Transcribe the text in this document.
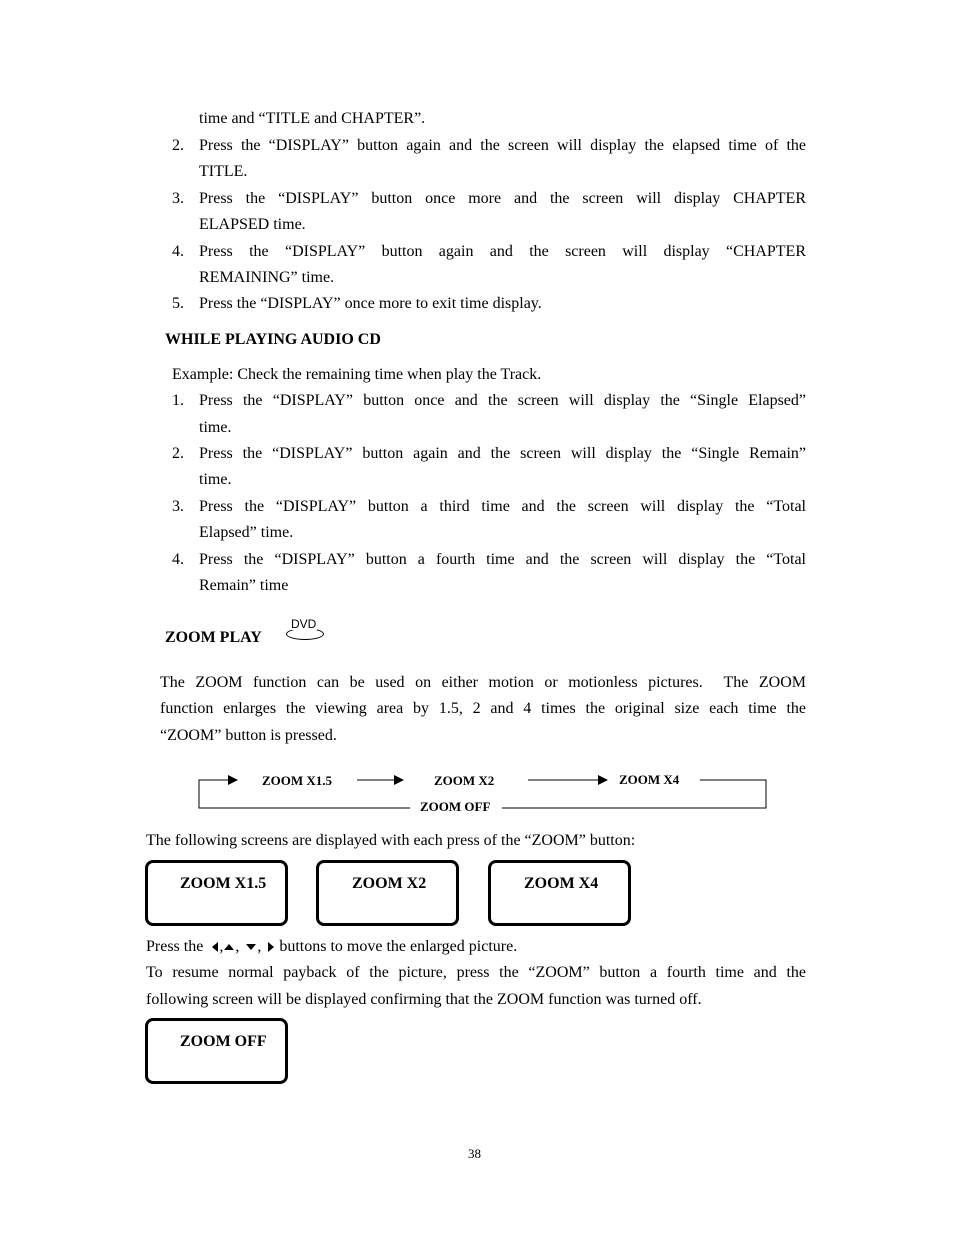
time and “TITLE and CHAPTER”.
2. Press the “DISPLAY” button again and the screen will display the elapsed time of the
TITLE.
3. Press the “DISPLAY” button once more and the screen will display CHAPTER
ELAPSED time.
4. Press the “DISPLAY” button again and the screen will display “CHAPTER
REMAINING” time.
5. Press the “DISPLAY” once more to exit time display.
WHILE PLAYING AUDIO CD
Example: Check the remaining time when play the Track.
1. Press the “DISPLAY” button once and the screen will display the “Single Elapsed”
time.
2. Press the “DISPLAY” button again and the screen will display the “Single Remain”
time.
3. Press the “DISPLAY” button a third time and the screen will display the “Total
Elapsed” time.
4. Press the “DISPLAY” button a fourth time and the screen will display the “Total
Remain” time
ZOOM PLAY
DVD
The ZOOM function can be used on either motion or motionless pictures.  The ZOOM
function enlarges the viewing area by 1.5, 2 and 4 times the original size each time the
“ZOOM” button is pressed.
ZOOM X1.5	ZOOM X2	ZOOM X4
ZOOM OFF
The following screens are displayed with each press of the “ZOOM” button:
ZOOM X1.5	ZOOM X2	ZOOM X4
Press the , , , buttons to move the enlarged picture.
To resume normal payback of the picture, press the “ZOOM” button a fourth time and the
following screen will be displayed confirming that the ZOOM function was turned off.
ZOOM OFF
38
